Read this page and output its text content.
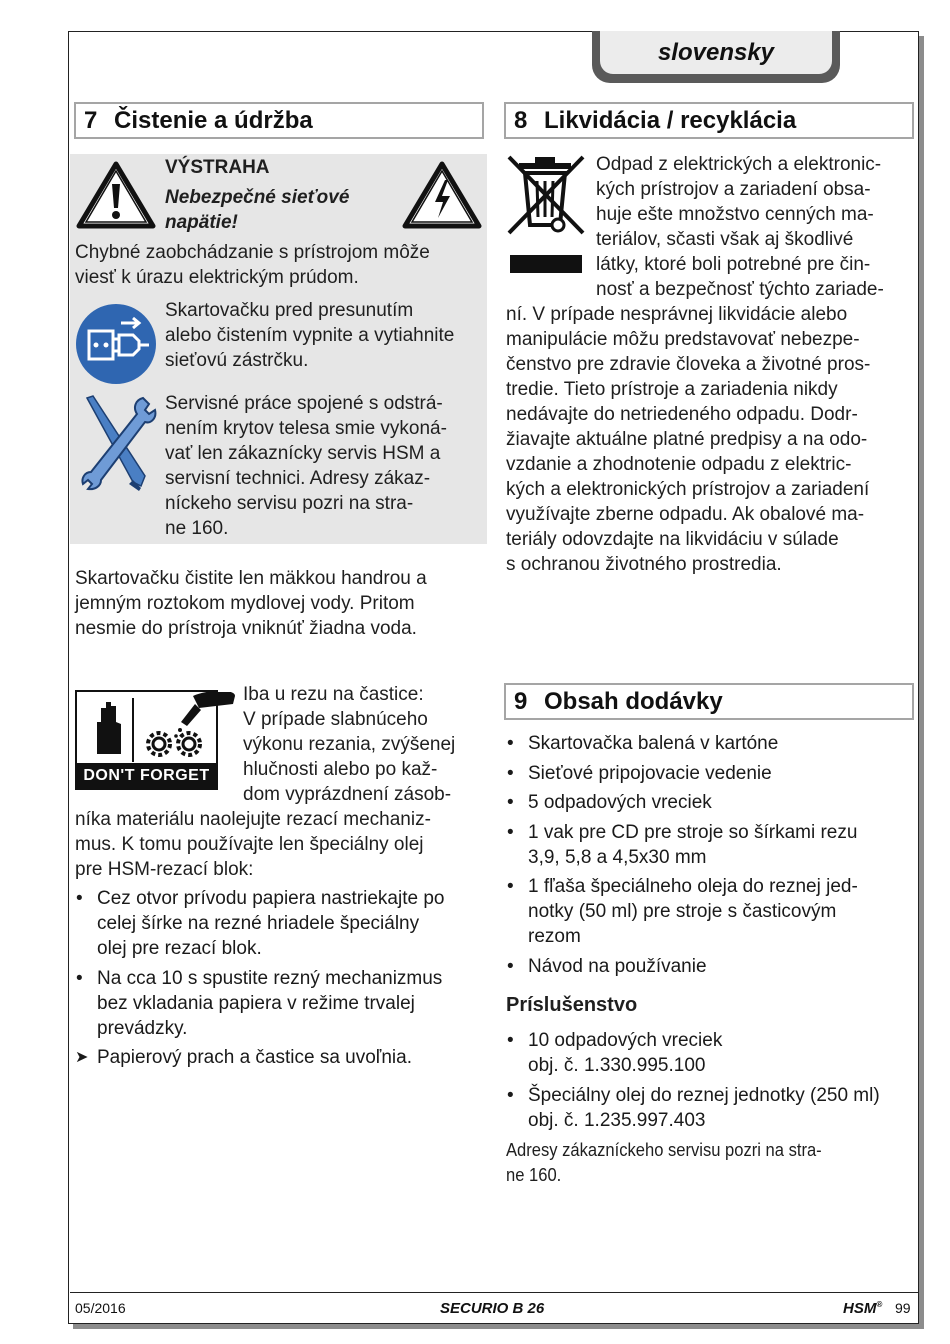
slovensky
7 Čistenie a údržba
VÝSTRAHA
Nebezpečné sieťové
napätie!
Chybné zaobchádzanie s prístrojom môže
viesť k úrazu elektrickým prúdom.
Skartovačku pred presunutím
alebo čistením vypnite a vytiahnite
sieťovú zástrčku.
Servisné práce spojené s odstrá-
nením krytov telesa smie vykoná-
vať len zákaznícky servis HSM a
servisní technici. Adresy zákaz-
níckeho servisu pozri na stra-
ne 160.
Skartovačku čistite len mäkkou handrou a
jemným roztokom mydlovej vody. Pritom
nesmie do prístroja vniknúť žiadna voda.
DON'T FORGET
Iba u rezu na častice:
V prípade slabnúceho
výkonu rezania, zvýšenej
hlučnosti alebo po kaž-
dom vyprázdnení zásob-
níka materiálu naolejujte rezací mechaniz-
mus. K tomu používajte len špeciálny olej
pre HSM-rezací blok:
• Cez otvor prívodu papiera nastriekajte po
celej šírke na rezné hriadele špeciálny
olej pre rezací blok.
• Na cca 10 s spustite rezný mechanizmus
bez vkladania papiera v režime trvalej
prevádzky.
➤ Papierový prach a častice sa uvoľnia.
8 Likvidácia / recyklácia
Odpad z elektrických a elektronic-
kých prístrojov a zariadení obsa-
huje ešte množstvo cenných ma-
teriálov, sčasti však aj škodlivé
látky, ktoré boli potrebné pre čin-
nosť a bezpečnosť týchto zariade-
ní. V prípade nesprávnej likvidácie alebo
manipulácie môžu predstavovať nebezpe-
čenstvo pre zdravie človeka a životné pros-
tredie. Tieto prístroje a zariadenia nikdy
nedávajte do netriedeného odpadu. Dodr-
žiavajte aktuálne platné predpisy a na odo-
vzdanie a zhodnotenie odpadu z elektric-
kých a elektronických prístrojov a zariadení
využívajte zberne odpadu. Ak obalové ma-
teriály odovzdajte na likvidáciu v súlade
s ochranou životného prostredia.
9 Obsah dodávky
• Skartovačka balená v kartóne
• Sieťové pripojovacie vedenie
• 5 odpadových vreciek
• 1 vak pre CD pre stroje so šírkami rezu
3,9, 5,8 a 4,5x30 mm
• 1 fľaša špeciálneho oleja do reznej jed-
notky (50 ml) pre stroje s časticovým
rezom
• Návod na používanie
Príslušenstvo
• 10 odpadových vreciek
obj. č. 1.330.995.100
• Špeciálny olej do reznej jednotky (250 ml)
obj. č. 1.235.997.403
Adresy zákazníckeho servisu pozri na stra-
ne 160.
05/2016	SECURIO B 26	HSM® 99
